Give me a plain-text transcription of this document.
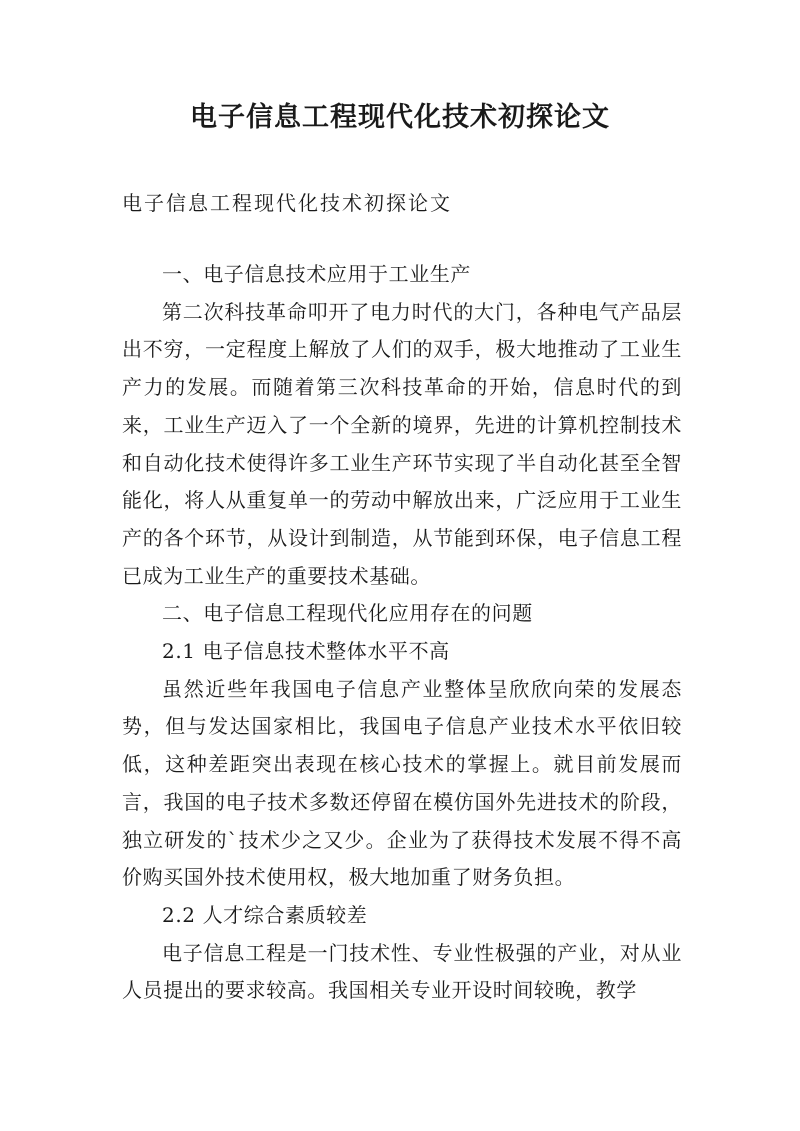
电子信息工程现代化技术初探论文

电子信息工程现代化技术初探论文

一、电子信息技术应用于工业生产

第二次科技革命叩开了电力时代的大门，各种电气产品层出不穷，一定程度上解放了人们的双手，极大地推动了工业生产力的发展。而随着第三次科技革命的开始，信息时代的到来，工业生产迈入了一个全新的境界，先进的计算机控制技术和自动化技术使得许多工业生产环节实现了半自动化甚至全智能化，将人从重复单一的劳动中解放出来，广泛应用于工业生产的各个环节，从设计到制造，从节能到环保，电子信息工程已成为工业生产的重要技术基础。

二、电子信息工程现代化应用存在的问题

2.1 电子信息技术整体水平不高

虽然近些年我国电子信息产业整体呈欣欣向荣的发展态势，但与发达国家相比，我国电子信息产业技术水平依旧较低，这种差距突出表现在核心技术的掌握上。就目前发展而言，我国的电子技术多数还停留在模仿国外先进技术的阶段，独立研发的`技术少之又少。企业为了获得技术发展不得不高价购买国外技术使用权，极大地加重了财务负担。

2.2 人才综合素质较差

电子信息工程是一门技术性、专业性极强的产业，对从业人员提出的要求较高。我国相关专业开设时间较晚，教学
